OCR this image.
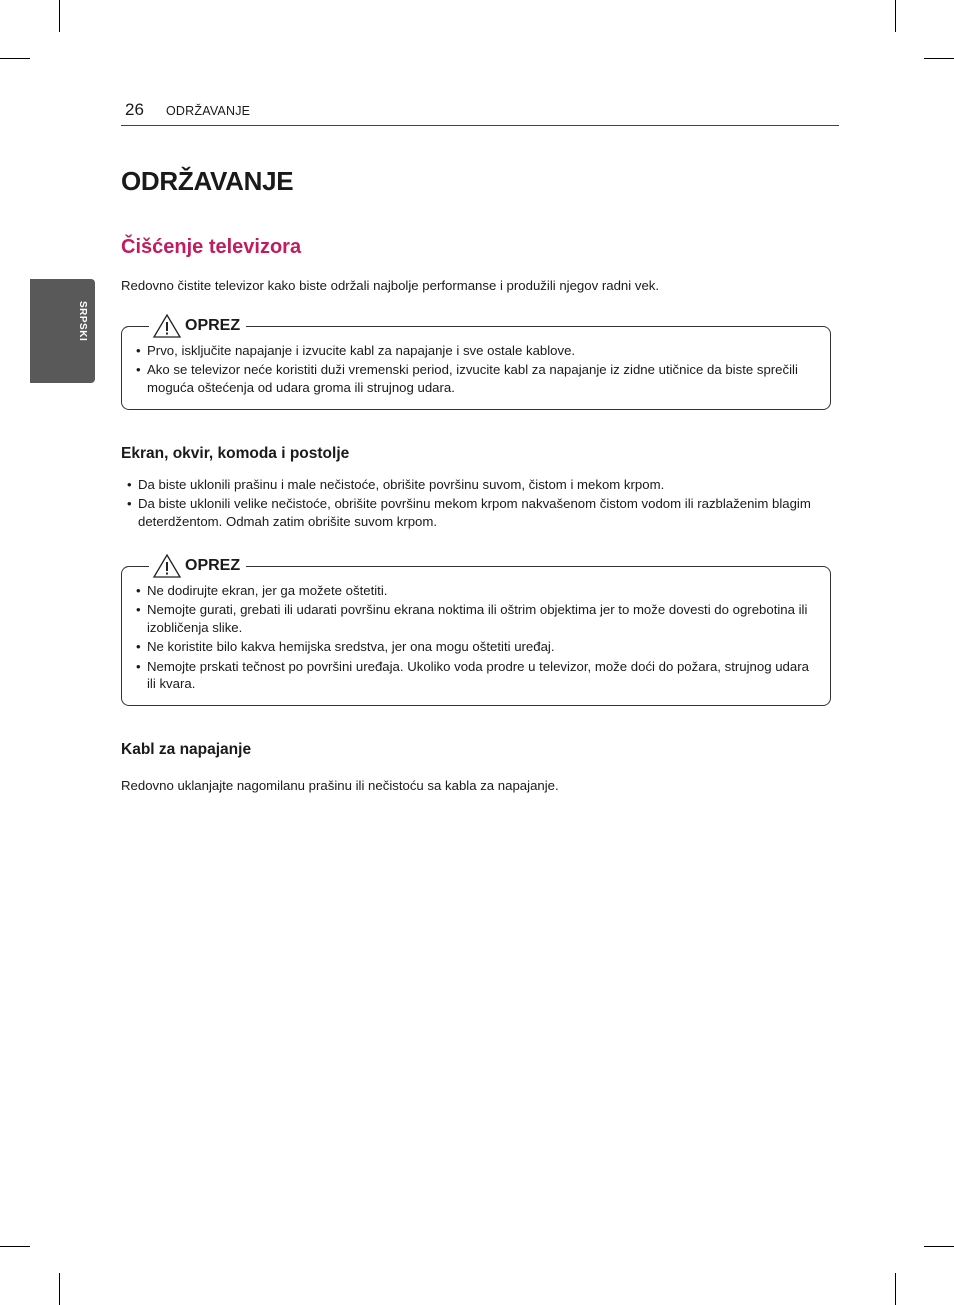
26 ODRŽAVANJE
SRPSKI
ODRŽAVANJE
Čišćenje televizora

Redovno čistite televizor kako biste održali najbolje performanse i produžili njegov radni vek.

OPREZ
• Prvo, isključite napajanje i izvucite kabl za napajanje i sve ostale kablove.
• Ako se televizor neće koristiti duži vremenski period, izvucite kabl za napajanje iz zidne utičnice da biste sprečili moguća oštećenja od udara groma ili strujnog udara.
Ekran, okvir, komoda i postolje
• Da biste uklonili prašinu i male nečistoće, obrišite površinu suvom, čistom i mekom krpom.
• Da biste uklonili velike nečistoće, obrišite površinu mekom krpom nakvašenom čistom vodom ili razblaženim blagim deterdžentom. Odmah zatim obrišite suvom krpom.
OPREZ
• Ne dodirujte ekran, jer ga možete oštetiti.
• Nemojte gurati, grebati ili udarati površinu ekrana noktima ili oštrim objektima jer to može dovesti do ogrebotina ili izobličenja slike.
• Ne koristite bilo kakva hemijska sredstva, jer ona mogu oštetiti uređaj.
• Nemojte prskati tečnost po površini uređaja. Ukoliko voda prodre u televizor, može doći do požara, strujnog udara ili kvara.
Kabl za napajanje

Redovno uklanjajte nagomilanu prašinu ili nečistoću sa kabla za napajanje.
